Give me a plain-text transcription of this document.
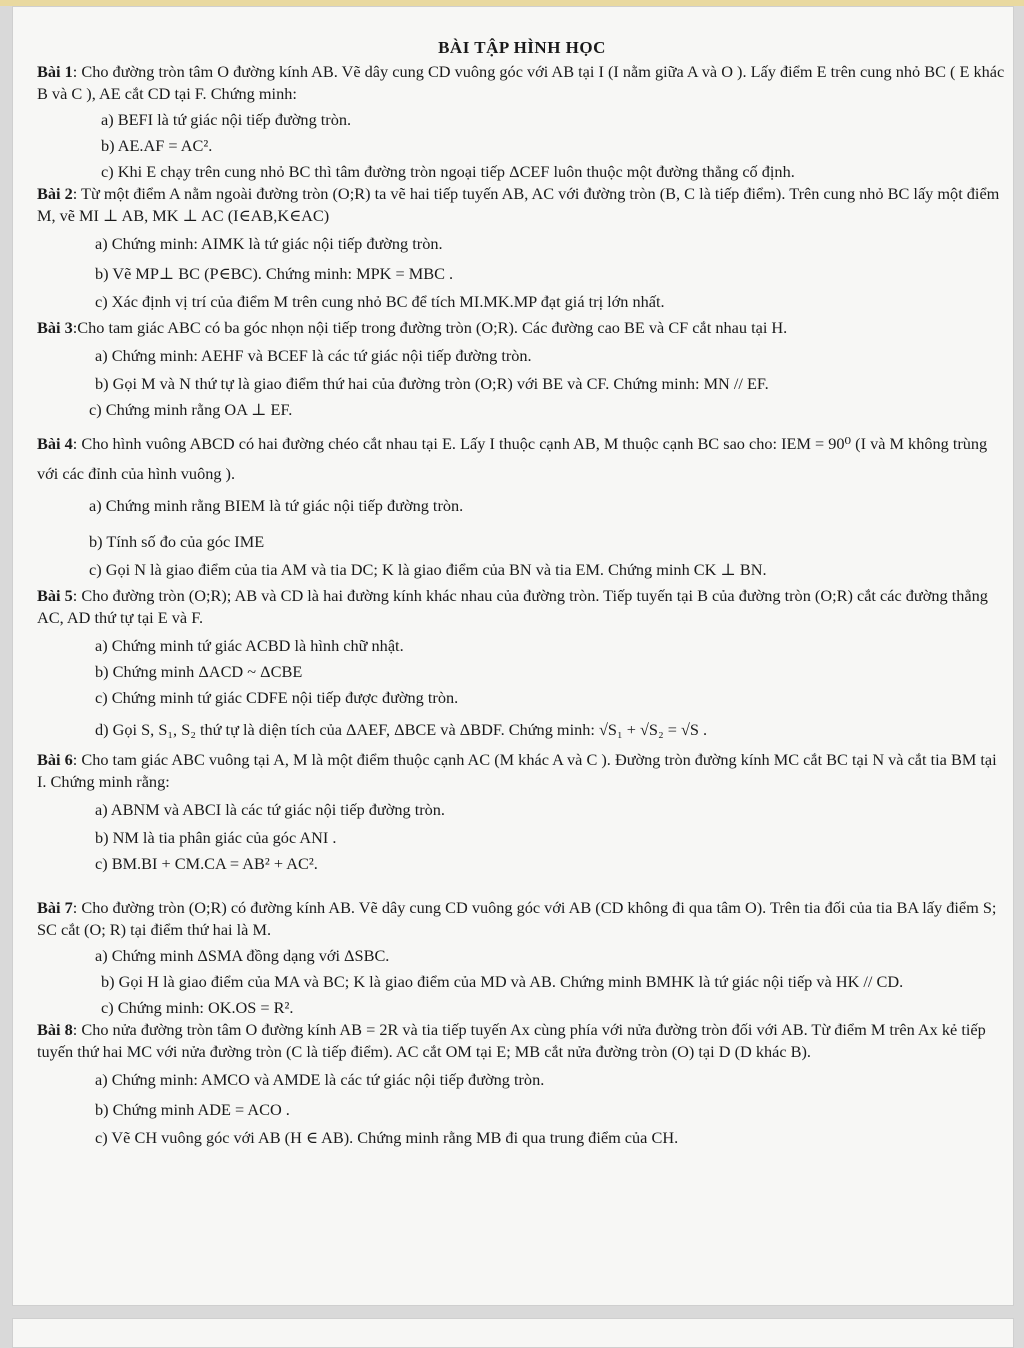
BÀI TẬP HÌNH HỌC

Bài 1: Cho đường tròn tâm O đường kính AB. Vẽ dây cung CD vuông góc với AB tại I (I nằm giữa A và O ). Lấy điểm E trên cung nhỏ BC ( E khác B và C ), AE cắt CD tại F. Chứng minh:

a) BEFI là tứ giác nội tiếp đường tròn.

b) AE.AF = AC².

c) Khi E chạy trên cung nhỏ BC thì tâm đường tròn ngoại tiếp ΔCEF luôn thuộc một đường thẳng cố định.

Bài 2: Từ một điểm A nằm ngoài đường tròn (O;R) ta vẽ hai tiếp tuyến AB, AC với đường tròn (B, C là tiếp điểm). Trên cung nhỏ BC lấy một điểm M, vẽ MI ⊥ AB, MK ⊥ AC (I∈AB,K∈AC)

a) Chứng minh: AIMK là tứ giác nội tiếp đường tròn.

b) Vẽ MP⊥ BC (P∈BC). Chứng minh: MPK = MBC .

c) Xác định vị trí của điểm M trên cung nhỏ BC để tích MI.MK.MP đạt giá trị lớn nhất.

Bài 3:Cho tam giác ABC có ba góc nhọn nội tiếp trong đường tròn (O;R). Các đường cao BE và CF cắt nhau tại H.

a) Chứng minh: AEHF và BCEF là các tứ giác nội tiếp đường tròn.

b) Gọi M và N thứ tự là giao điểm thứ hai của đường tròn (O;R) với BE và CF. Chứng minh: MN // EF.

c) Chứng minh rằng OA ⊥ EF.

Bài 4: Cho hình vuông ABCD có hai đường chéo cắt nhau tại E. Lấy I thuộc cạnh AB, M thuộc cạnh BC sao cho: IEM = 90⁰ (I và M không trùng với các đỉnh của hình vuông ).

a) Chứng minh rằng BIEM là tứ giác nội tiếp đường tròn.

b) Tính số đo của góc IME

c) Gọi N là giao điểm của tia AM và tia DC; K là giao điểm của BN và tia EM. Chứng minh CK ⊥ BN.

Bài 5: Cho đường tròn (O;R); AB và CD là hai đường kính khác nhau của đường tròn. Tiếp tuyến tại B của đường tròn (O;R) cắt các đường thẳng AC, AD thứ tự tại E và F.

a) Chứng minh tứ giác ACBD là hình chữ nhật.

b) Chứng minh ΔACD ~ ΔCBE

c) Chứng minh tứ giác CDFE nội tiếp được đường tròn.

d) Gọi S, S₁, S₂ thứ tự là diện tích của ΔAEF, ΔBCE và ΔBDF. Chứng minh: √S₁ + √S₂ = √S .

Bài 6: Cho tam giác ABC vuông tại A, M là một điểm thuộc cạnh AC (M khác A và C ). Đường tròn đường kính MC cắt BC tại N và cắt tia BM tại I. Chứng minh rằng:

a) ABNM và ABCI là các tứ giác nội tiếp đường tròn.

b) NM là tia phân giác của góc ANI .

c) BM.BI + CM.CA = AB² + AC².

Bài 7: Cho đường tròn (O;R) có đường kính AB. Vẽ dây cung CD vuông góc với AB (CD không đi qua tâm O). Trên tia đối của tia BA lấy điểm S; SC cắt (O; R) tại điểm thứ hai là M.

a) Chứng minh ΔSMA đồng dạng với ΔSBC.

b) Gọi H là giao điểm của MA và BC; K là giao điểm của MD và AB. Chứng minh BMHK là tứ giác nội tiếp và HK // CD.

c) Chứng minh: OK.OS = R².

Bài 8: Cho nửa đường tròn tâm O đường kính AB = 2R và tia tiếp tuyến Ax cùng phía với nửa đường tròn đối với AB. Từ điểm M trên Ax kẻ tiếp tuyến thứ hai MC với nửa đường tròn (C là tiếp điểm). AC cắt OM tại E; MB cắt nửa đường tròn (O) tại D (D khác B).

a) Chứng minh: AMCO và AMDE là các tứ giác nội tiếp đường tròn.

b) Chứng minh ADE = ACO .

c) Vẽ CH vuông góc với AB (H ∈ AB). Chứng minh rằng MB đi qua trung điểm của CH.
